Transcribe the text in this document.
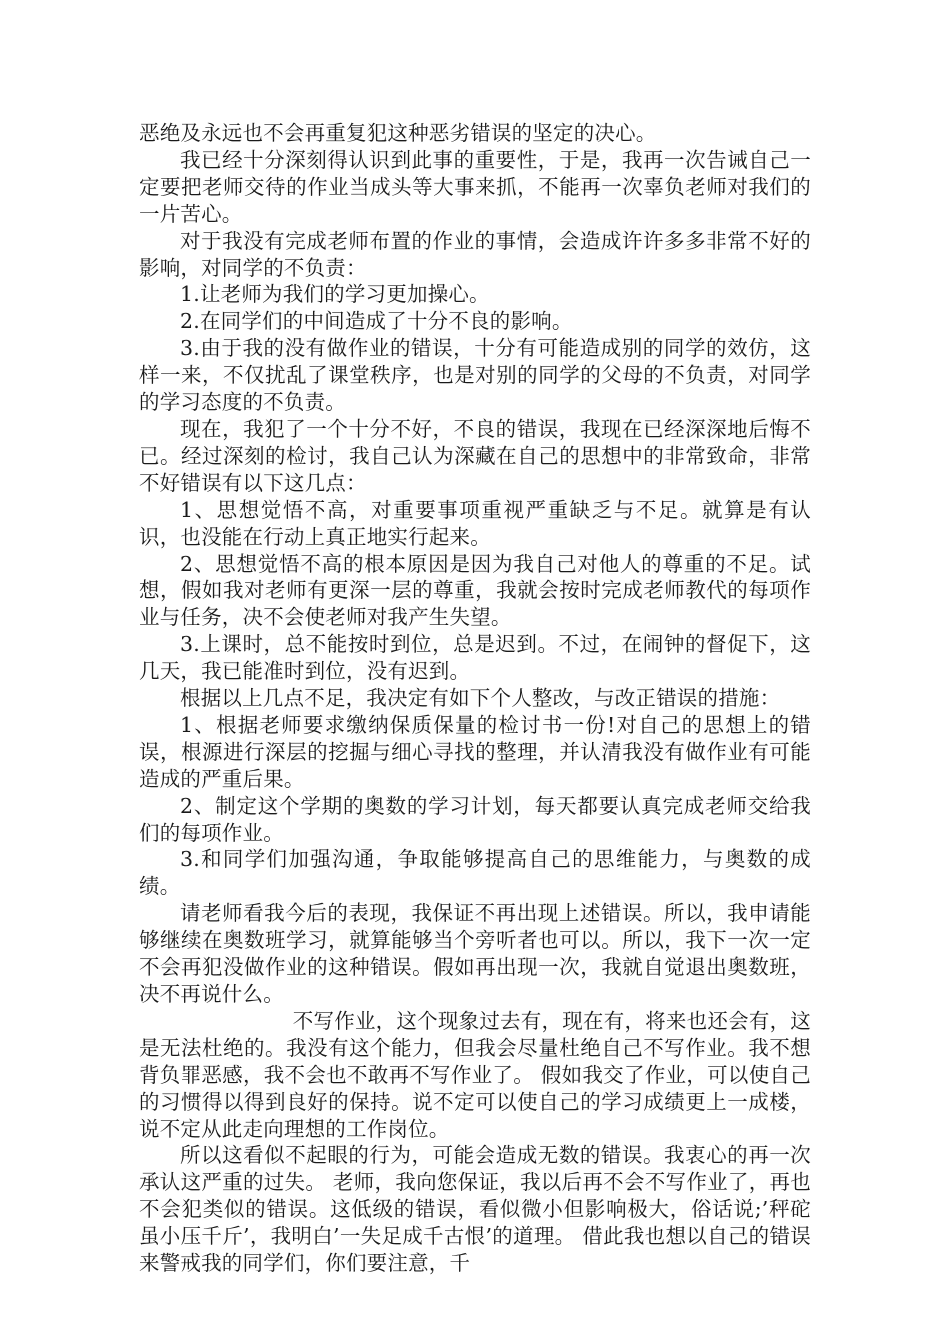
恶绝及永远也不会再重复犯这种恶劣错误的坚定的决心。

我已经十分深刻得认识到此事的重要性，于是，我再一次告诫自己一定要把老师交待的作业当成头等大事来抓，不能再一次辜负老师对我们的一片苦心。

对于我没有完成老师布置的作业的事情，会造成许许多多非常不好的影响，对同学的不负责：

1.让老师为我们的学习更加操心。

2.在同学们的中间造成了十分不良的影响。

3.由于我的没有做作业的错误，十分有可能造成别的同学的效仿，这样一来，不仅扰乱了课堂秩序，也是对别的同学的父母的不负责，对同学的学习态度的不负责。

现在，我犯了一个十分不好，不良的错误，我现在已经深深地后悔不已。经过深刻的检讨，我自己认为深藏在自己的思想中的非常致命，非常不好错误有以下这几点：

1、思想觉悟不高，对重要事项重视严重缺乏与不足。就算是有认识，也没能在行动上真正地实行起来。

2、思想觉悟不高的根本原因是因为我自己对他人的尊重的不足。试想，假如我对老师有更深一层的尊重，我就会按时完成老师教代的每项作业与任务，决不会使老师对我产生失望。

3.上课时，总不能按时到位，总是迟到。不过，在闹钟的督促下，这几天，我已能准时到位，没有迟到。

根据以上几点不足，我决定有如下个人整改，与改正错误的措施：

1、根据老师要求缴纳保质保量的检讨书一份!对自己的思想上的错误，根源进行深层的挖掘与细心寻找的整理，并认清我没有做作业有可能造成的严重后果。

2、制定这个学期的奥数的学习计划，每天都要认真完成老师交给我们的每项作业。

3.和同学们加强沟通，争取能够提高自己的思维能力，与奥数的成绩。

请老师看我今后的表现，我保证不再出现上述错误。所以，我申请能够继续在奥数班学习，就算能够当个旁听者也可以。所以，我下一次一定不会再犯没做作业的这种错误。假如再出现一次，我就自觉退出奥数班，决不再说什么。

不写作业，这个现象过去有，现在有，将来也还会有，这是无法杜绝的。我没有这个能力，但我会尽量杜绝自己不写作业。我不想背负罪恶感，我不会也不敢再不写作业了。 假如我交了作业，可以使自己的习惯得以得到良好的保持。说不定可以使自己的学习成绩更上一成楼，说不定从此走向理想的工作岗位。

所以这看似不起眼的行为，可能会造成无数的错误。我衷心的再一次承认这严重的过失。 老师，我向您保证，我以后再不会不写作业了，再也不会犯类似的错误。这低级的错误，看似微小但影响极大，俗话说;’秤砣虽小压千斤’，我明白’一失足成千古恨’的道理。 借此我也想以自己的错误来警戒我的同学们，你们要注意，千
